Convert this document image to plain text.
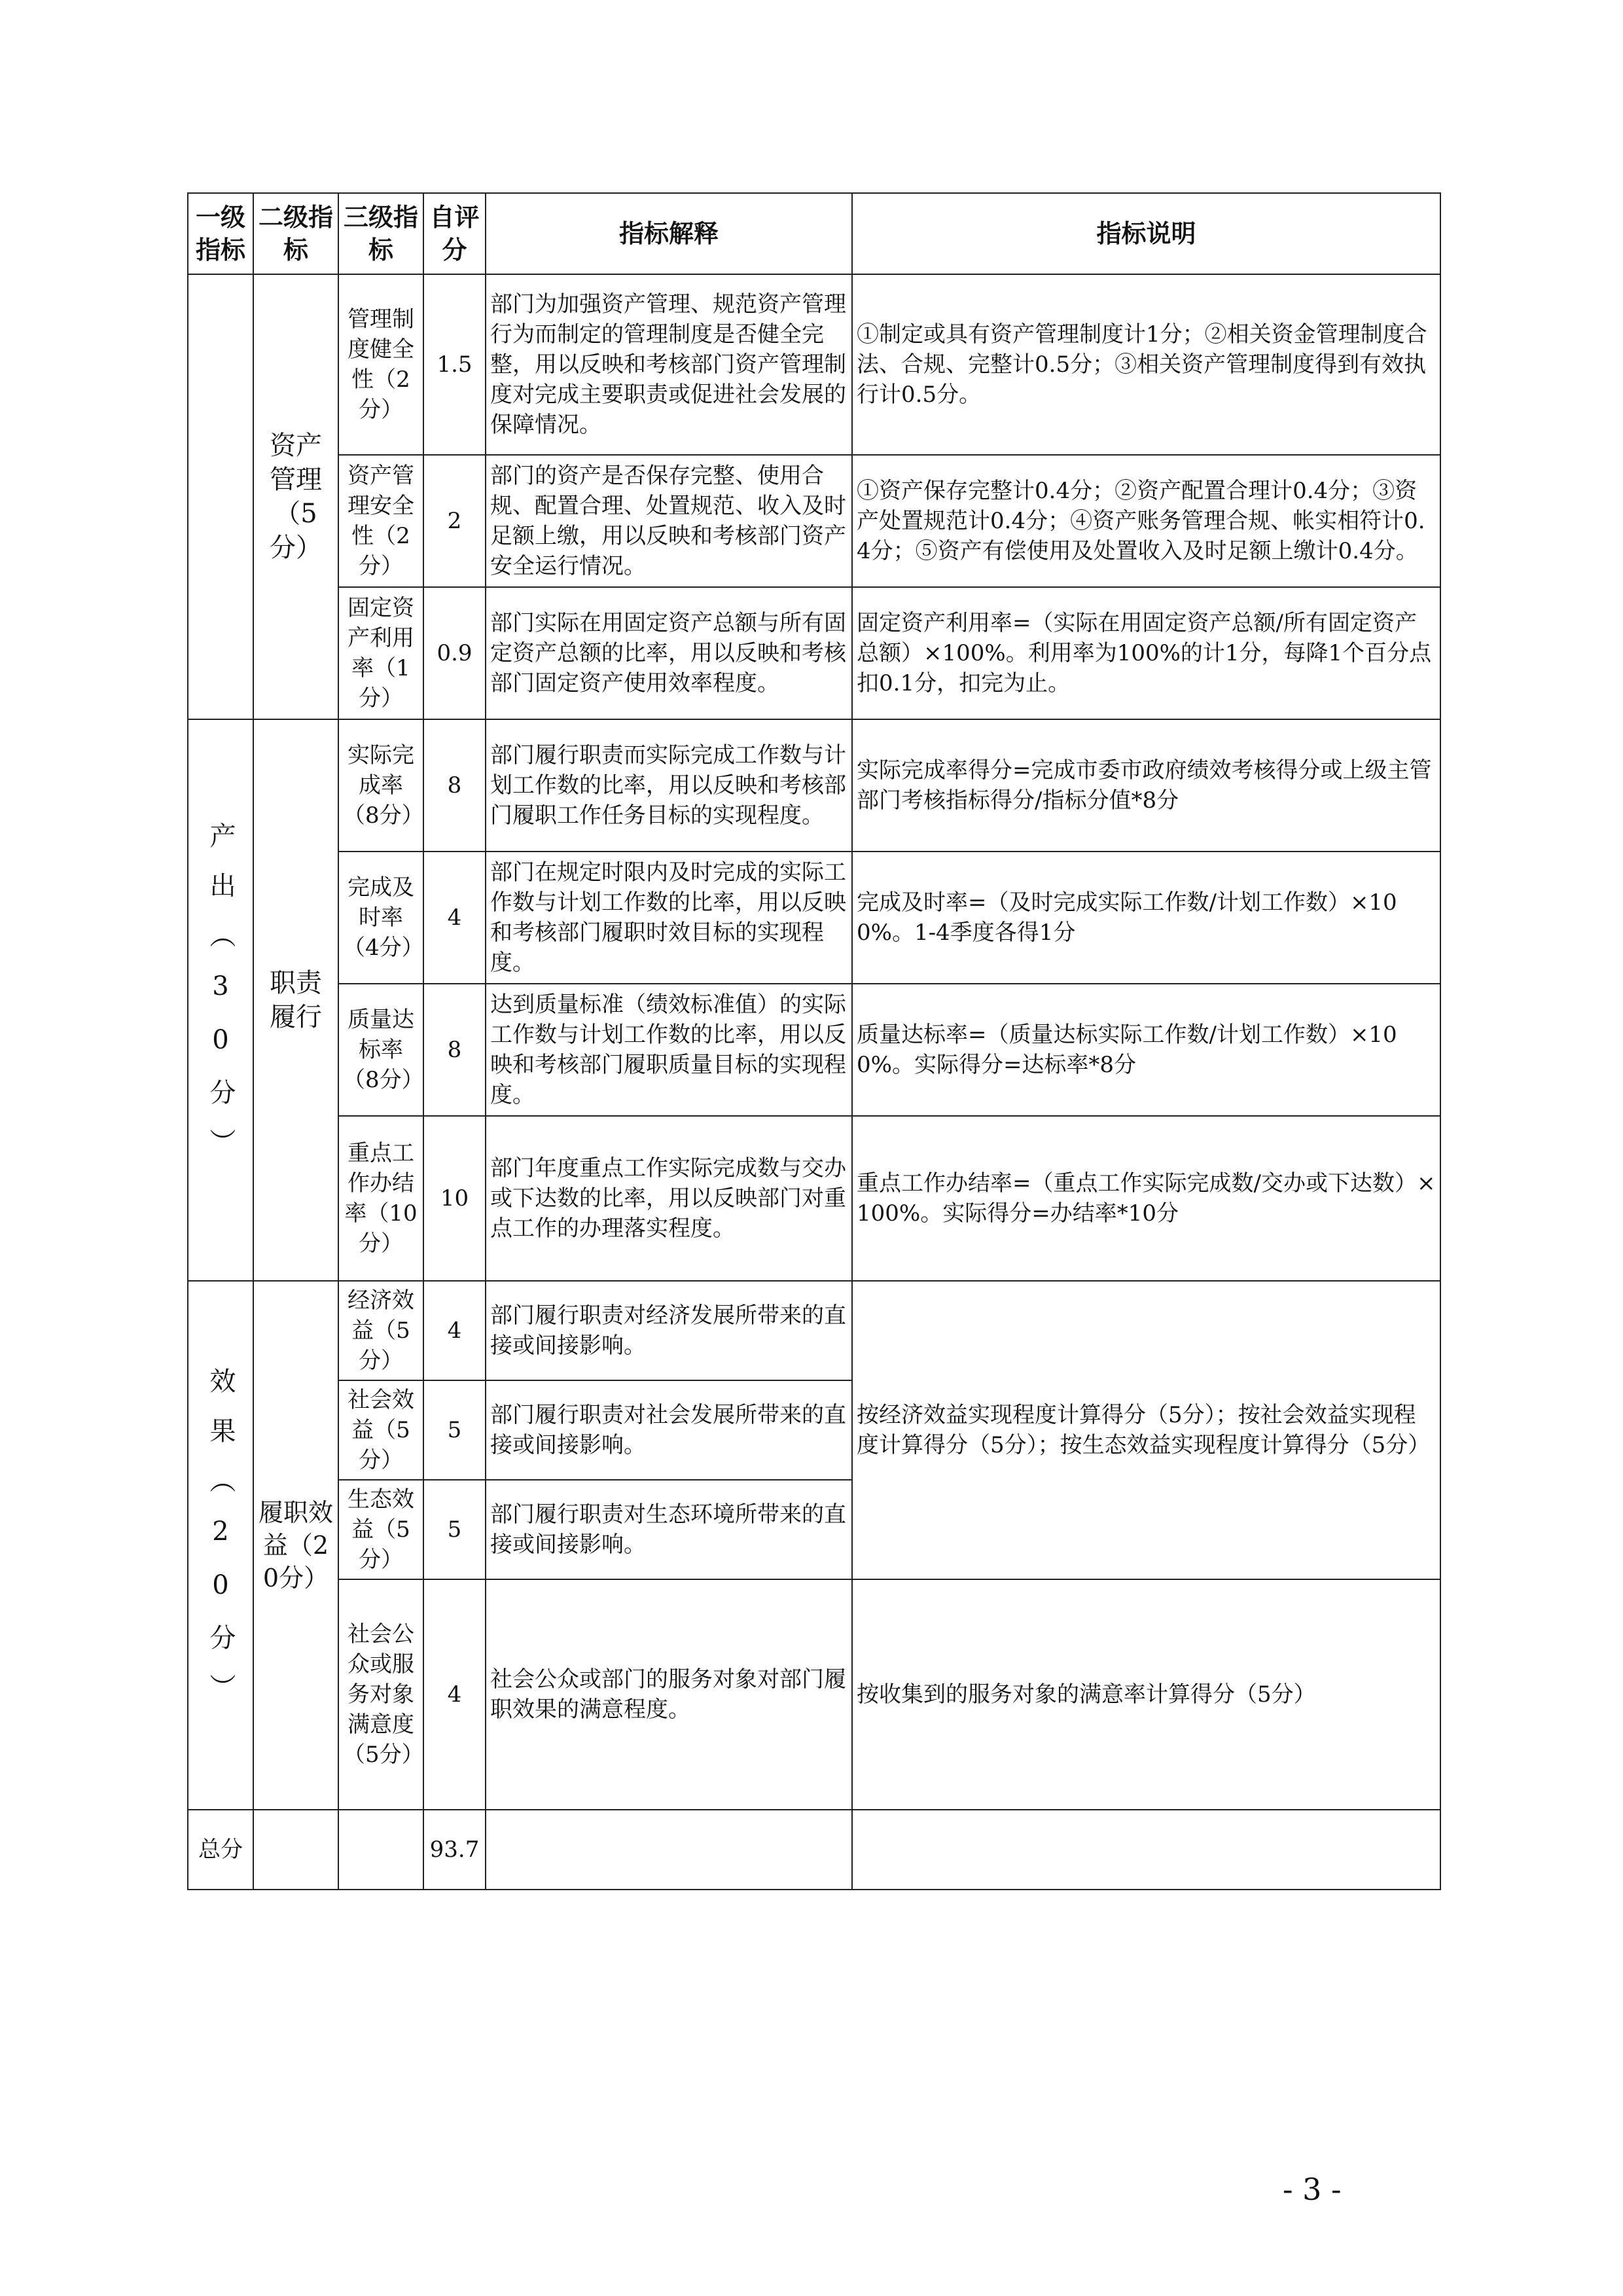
一级指标	二级指标	三级指标	自评分	指标解释	指标说明
	资产管理（5分）	管理制度健全性（2分）	1.5	部门为加强资产管理、规范资产管理行为而制定的管理制度是否健全完整，用以反映和考核部门资产管理制度对完成主要职责或促进社会发展的保障情况。	①制定或具有资产管理制度计1分；②相关资金管理制度合法、合规、完整计0.5分；③相关资产管理制度得到有效执行计0.5分。
		资产管理安全性（2分）	2	部门的资产是否保存完整、使用合规、配置合理、处置规范、收入及时足额上缴，用以反映和考核部门资产安全运行情况。	①资产保存完整计0.4分；②资产配置合理计0.4分；③资产处置规范计0.4分；④资产账务管理合规、帐实相符计0.4分；⑤资产有偿使用及处置收入及时足额上缴计0.4分。
		固定资产利用率（1分）	0.9	部门实际在用固定资产总额与所有固定资产总额的比率，用以反映和考核部门固定资产使用效率程度。	固定资产利用率=（实际在用固定资产总额/所有固定资产总额）×100%。利用率为100%的计1分，每降1个百分点扣0.1分，扣完为止。

产出（30分）	职责履行	实际完成率（8分）	8	部门履行职责而实际完成工作数与计划工作数的比率，用以反映和考核部门履职工作任务目标的实现程度。	实际完成率得分=完成市委市政府绩效考核得分或上级主管部门考核指标得分/指标分值*8分
		完成及时率（4分）	4	部门在规定时限内及时完成的实际工作数与计划工作数的比率，用以反映和考核部门履职时效目标的实现程度。	完成及时率=（及时完成实际工作数/计划工作数）×100%。1-4季度各得1分
		质量达标率（8分）	8	达到质量标准（绩效标准值）的实际工作数与计划工作数的比率，用以反映和考核部门履职质量目标的实现程度。	质量达标率=（质量达标实际工作数/计划工作数）×100%。实际得分=达标率*8分
		重点工作办结率（10分）	10	部门年度重点工作实际完成数与交办或下达数的比率，用以反映部门对重点工作的办理落实程度。	重点工作办结率=（重点工作实际完成数/交办或下达数）×100%。实际得分=办结率*10分

效果（20分）	履职效益（20分）	经济效益（5分）	4	部门履行职责对经济发展所带来的直接或间接影响。	按经济效益实现程度计算得分（5分）；按社会效益实现程度计算得分（5分）；按生态效益实现程度计算得分（5分）
		社会效益（5分）	5	部门履行职责对社会发展所带来的直接或间接影响。	
		生态效益（5分）	5	部门履行职责对生态环境所带来的直接或间接影响。	
		社会公众或服务对象满意度（5分）	4	社会公众或部门的服务对象对部门履职效果的满意程度。	按收集到的服务对象的满意率计算得分（5分）
总分			93.7		
- 3 -
